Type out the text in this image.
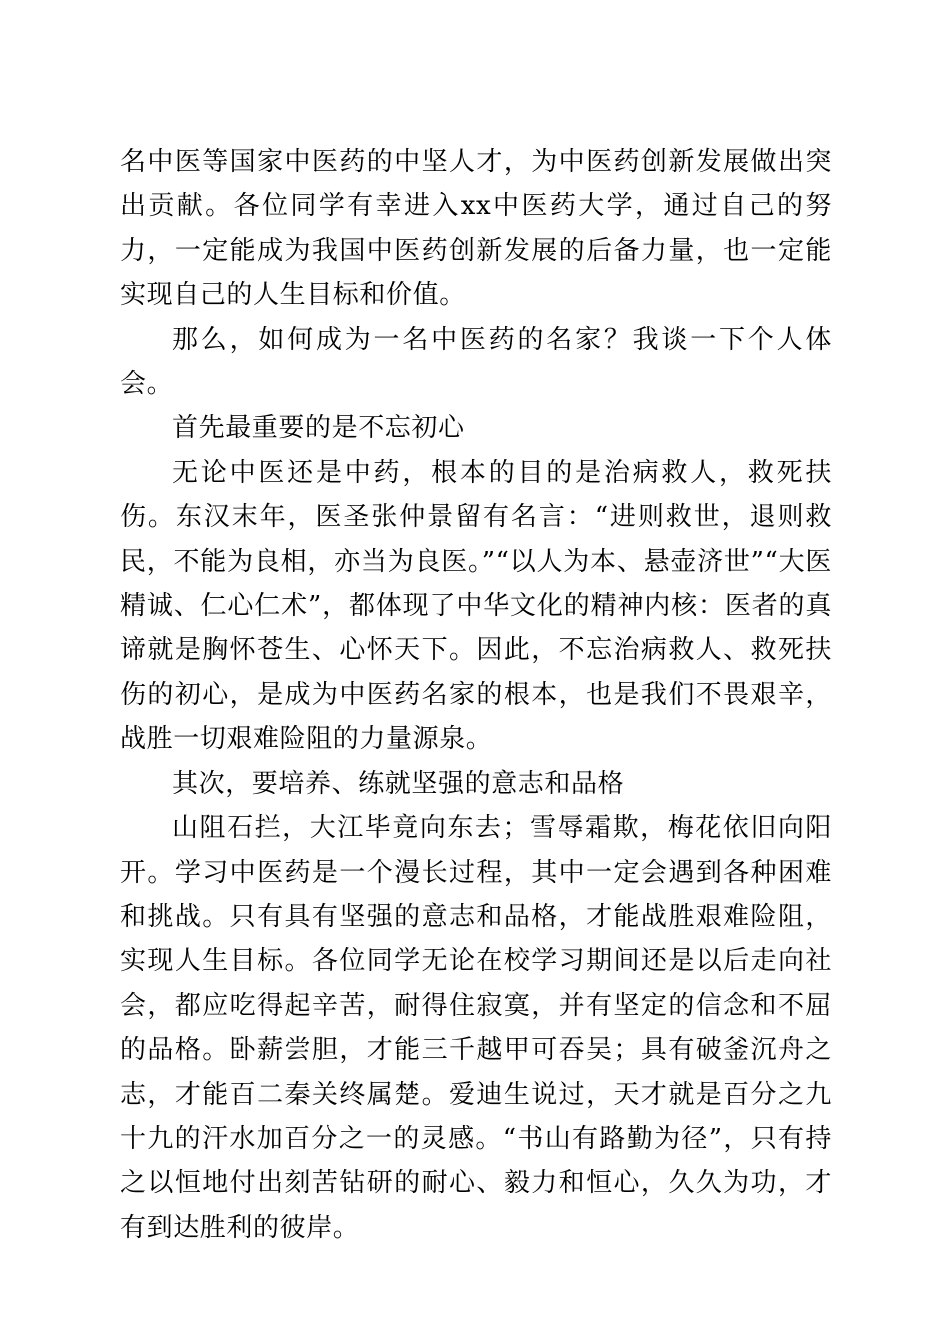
名中医等国家中医药的中坚人才，为中医药创新发展做出突出贡献。各位同学有幸进入xx中医药大学，通过自己的努力，一定能成为我国中医药创新发展的后备力量，也一定能实现自己的人生目标和价值。

那么，如何成为一名中医药的名家？我谈一下个人体会。

首先最重要的是不忘初心

无论中医还是中药，根本的目的是治病救人，救死扶伤。东汉末年，医圣张仲景留有名言：“进则救世，退则救民，不能为良相，亦当为良医。”“以人为本、悬壶济世”“大医精诚、仁心仁术”，都体现了中华文化的精神内核：医者的真谛就是胸怀苍生、心怀天下。因此，不忘治病救人、救死扶伤的初心，是成为中医药名家的根本，也是我们不畏艰辛，战胜一切艰难险阻的力量源泉。

其次，要培养、练就坚强的意志和品格

山阻石拦，大江毕竟向东去；雪辱霜欺，梅花依旧向阳开。学习中医药是一个漫长过程，其中一定会遇到各种困难和挑战。只有具有坚强的意志和品格，才能战胜艰难险阻，实现人生目标。各位同学无论在校学习期间还是以后走向社会，都应吃得起辛苦，耐得住寂寞，并有坚定的信念和不屈的品格。卧薪尝胆，才能三千越甲可吞吴；具有破釜沉舟之志，才能百二秦关终属楚。爱迪生说过，天才就是百分之九十九的汗水加百分之一的灵感。“书山有路勤为径”，只有持之以恒地付出刻苦钻研的耐心、毅力和恒心，久久为功，才有到达胜利的彼岸。
